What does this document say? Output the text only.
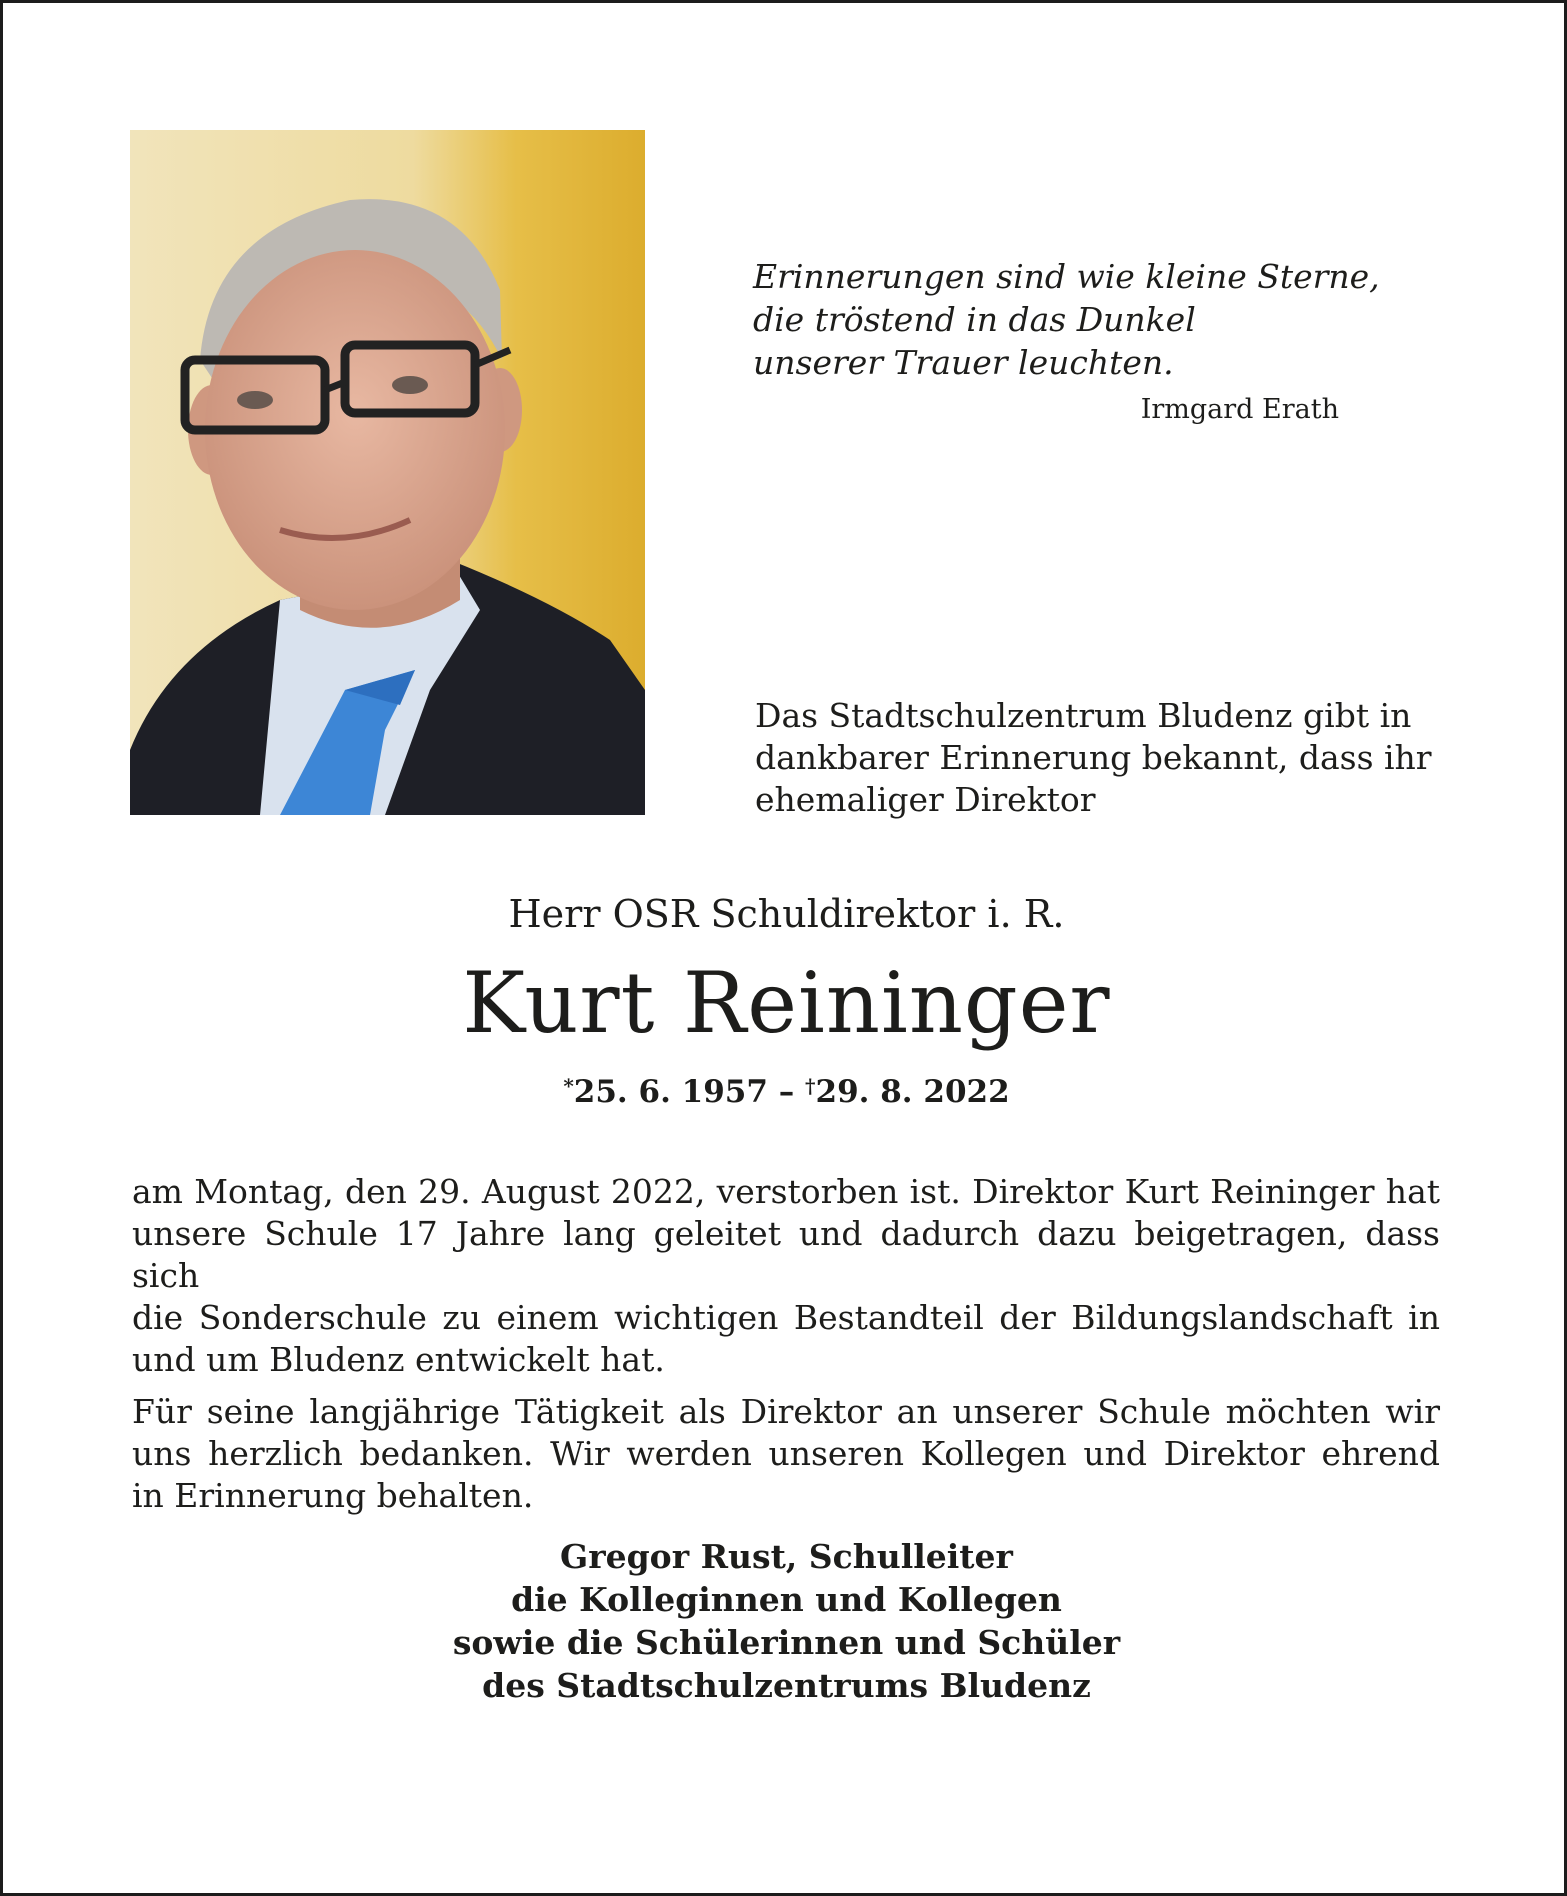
Erinnerungen sind wie kleine Sterne,
die tröstend in das Dunkel
unserer Trauer leuchten.
Irmgard Erath
Das Stadtschulzentrum Bludenz gibt in
dankbarer Erinnerung bekannt, dass ihr
ehemaliger Direktor
Herr OSR Schuldirektor i. R.
Kurt Reininger
*25. 6. 1957 – †29. 8. 2022
am Montag, den 29. August 2022, verstorben ist. Direktor Kurt Reininger hat
unsere Schule 17 Jahre lang geleitet und dadurch dazu beigetragen, dass sich
die Sonderschule zu einem wichtigen Bestandteil der Bildungslandschaft in
und um Bludenz entwickelt hat.
Für seine langjährige Tätigkeit als Direktor an unserer Schule möchten wir
uns herzlich bedanken. Wir werden unseren Kollegen und Direktor ehrend
in Erinnerung behalten.
Gregor Rust, Schulleiter
die Kolleginnen und Kollegen
sowie die Schülerinnen und Schüler
des Stadtschulzentrums Bludenz
